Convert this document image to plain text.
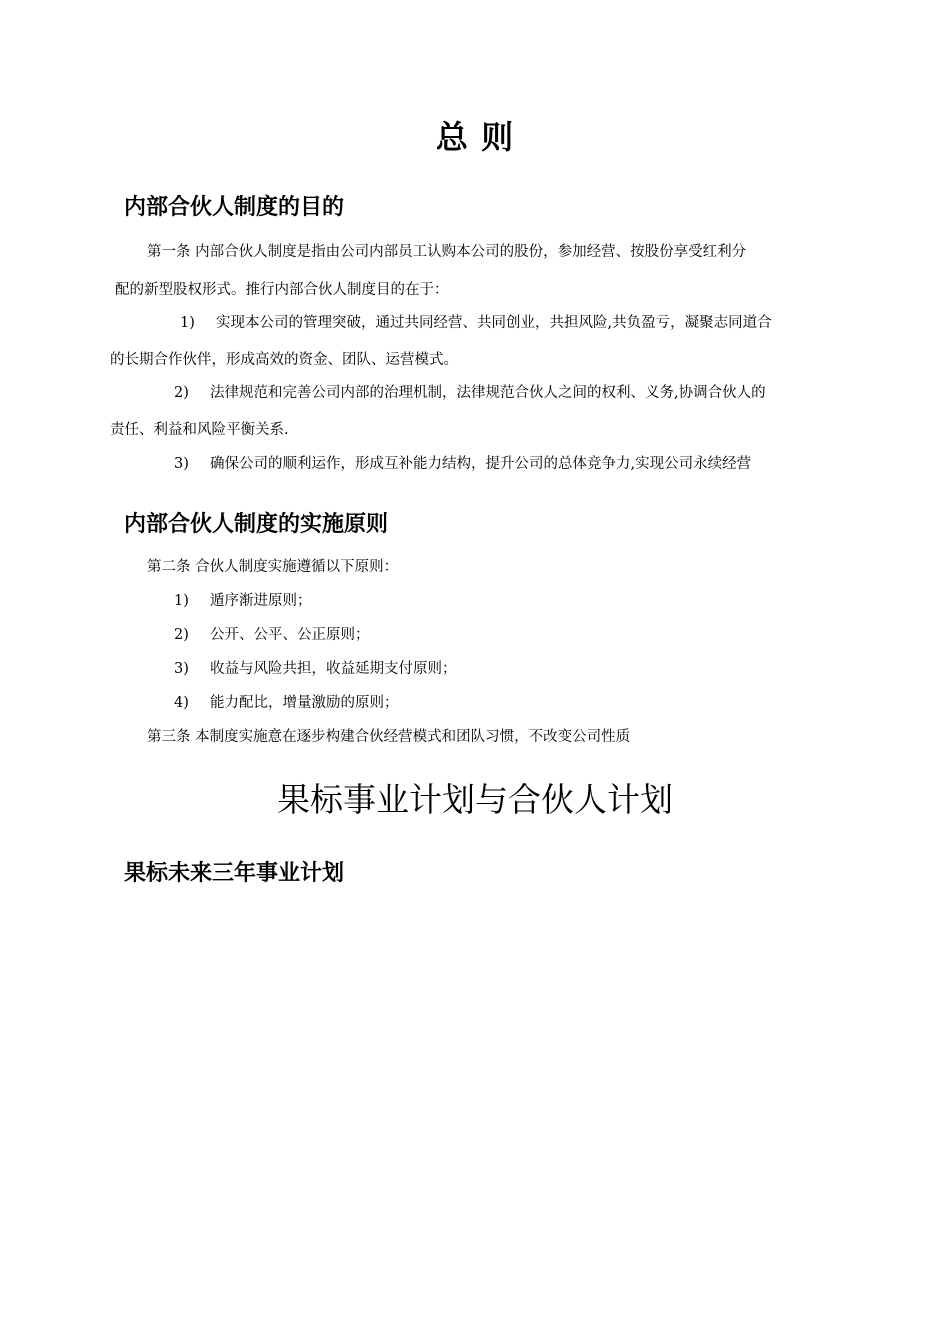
总 则
内部合伙人制度的目的
第一条 内部合伙人制度是指由公司内部员工认购本公司的股份，参加经营、按股份享受红利分
配的新型股权形式。推行内部合伙人制度目的在于：
1) 实现本公司的管理突破，通过共同经营、共同创业，共担风险,共负盈亏，凝聚志同道合
的长期合作伙伴，形成高效的资金、团队、运营模式。
2) 法律规范和完善公司内部的治理机制，法律规范合伙人之间的权利、义务,协调合伙人的
责任、利益和风险平衡关系.
3) 确保公司的顺利运作，形成互补能力结构，提升公司的总体竞争力,实现公司永续经营
内部合伙人制度的实施原则
第二条 合伙人制度实施遵循以下原则：
1) 遁序渐进原则；
2) 公开、公平、公正原则；
3) 收益与风险共担，收益延期支付原则；
4) 能力配比，增量激励的原则；
第三条 本制度实施意在逐步构建合伙经营模式和团队习惯，不改变公司性质
果标事业计划与合伙人计划
果标未来三年事业计划
